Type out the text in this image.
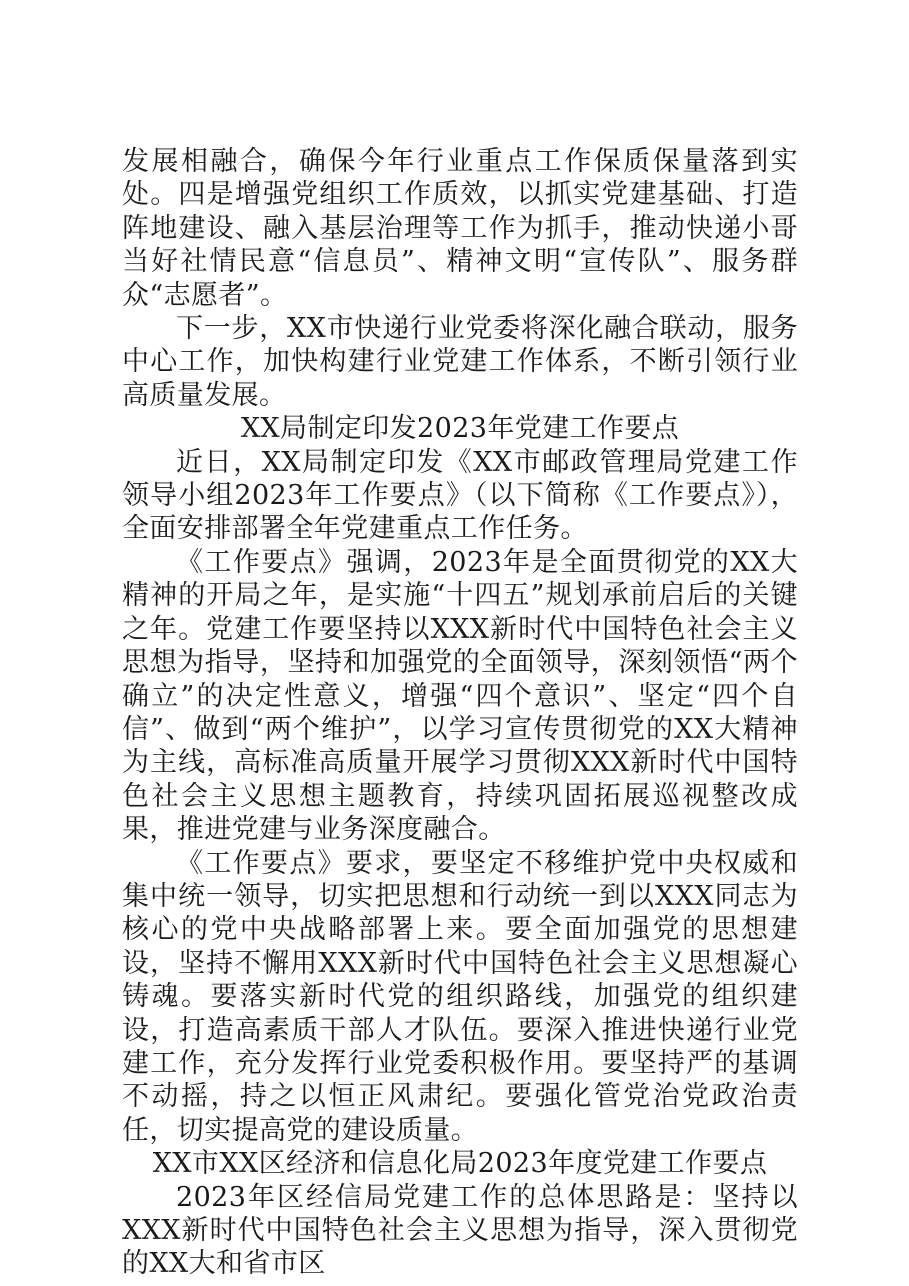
发展相融合，确保今年行业重点工作保质保量落到实处。四是增强党组织工作质效，以抓实党建基础、打造阵地建设、融入基层治理等工作为抓手，推动快递小哥当好社情民意“信息员”、精神文明“宣传队”、服务群众“志愿者”。

下一步，XX市快递行业党委将深化融合联动，服务中心工作，加快构建行业党建工作体系，不断引领行业高质量发展。

XX局制定印发2023年党建工作要点

近日，XX局制定印发《XX市邮政管理局党建工作领导小组2023年工作要点》（以下简称《工作要点》），全面安排部署全年党建重点工作任务。

《工作要点》强调，2023年是全面贯彻党的XX大精神的开局之年，是实施“十四五”规划承前启后的关键之年。党建工作要坚持以XXX新时代中国特色社会主义思想为指导，坚持和加强党的全面领导，深刻领悟“两个确立”的决定性意义，增强“四个意识”、坚定“四个自信”、做到“两个维护”，以学习宣传贯彻党的XX大精神为主线，高标准高质量开展学习贯彻XXX新时代中国特色社会主义思想主题教育，持续巩固拓展巡视整改成果，推进党建与业务深度融合。

《工作要点》要求，要坚定不移维护党中央权威和集中统一领导，切实把思想和行动统一到以XXX同志为核心的党中央战略部署上来。要全面加强党的思想建设，坚持不懈用XXX新时代中国特色社会主义思想凝心铸魂。要落实新时代党的组织路线，加强党的组织建设，打造高素质干部人才队伍。要深入推进快递行业党建工作，充分发挥行业党委积极作用。要坚持严的基调不动摇，持之以恒正风肃纪。要强化管党治党政治责任，切实提高党的建设质量。

XX市XX区经济和信息化局2023年度党建工作要点

2023年区经信局党建工作的总体思路是：坚持以XXX新时代中国特色社会主义思想为指导，深入贯彻党的XX大和省市区
